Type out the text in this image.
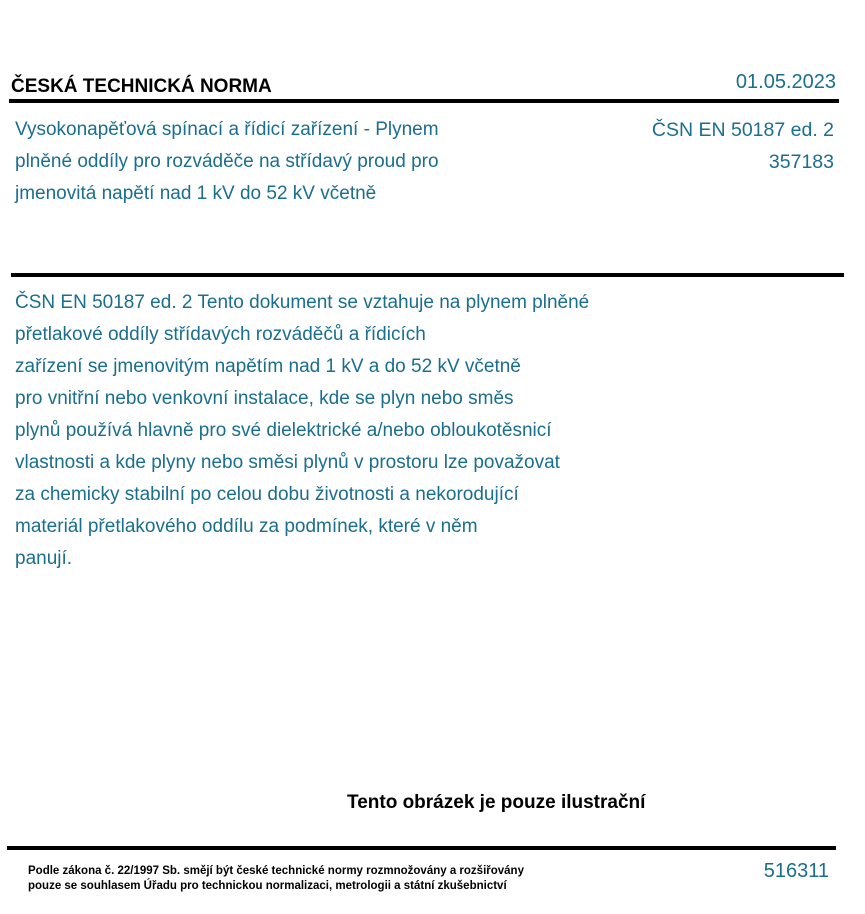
ČESKÁ TECHNICKÁ NORMA	01.05.2023
Vysokonapěťová spínací a řídicí zařízení - Plynem
plněné oddíly pro rozváděče na střídavý proud pro
jmenovitá napětí nad 1 kV do 52 kV včetně
ČSN EN 50187 ed. 2
357183
ČSN EN 50187 ed. 2 Tento dokument se vztahuje na plynem plněné
přetlakové oddíly střídavých rozváděčů a řídicích
zařízení se jmenovitým napětím nad 1 kV a do 52 kV včetně
pro vnitřní nebo venkovní instalace, kde se plyn nebo směs
plynů používá hlavně pro své dielektrické a/nebo obloukotěsnicí
vlastnosti a kde plyny nebo směsi plynů v prostoru lze považovat
za chemicky stabilní po celou dobu životnosti a nekorodující
materiál přetlakového oddílu za podmínek, které v něm
panují.
Tento obrázek je pouze ilustrační
Podle zákona č. 22/1997 Sb. smějí být české technické normy rozmnožovány a rozšiřovány
pouze se souhlasem Úřadu pro technickou normalizaci, metrologii a státní zkušebnictví
516311
